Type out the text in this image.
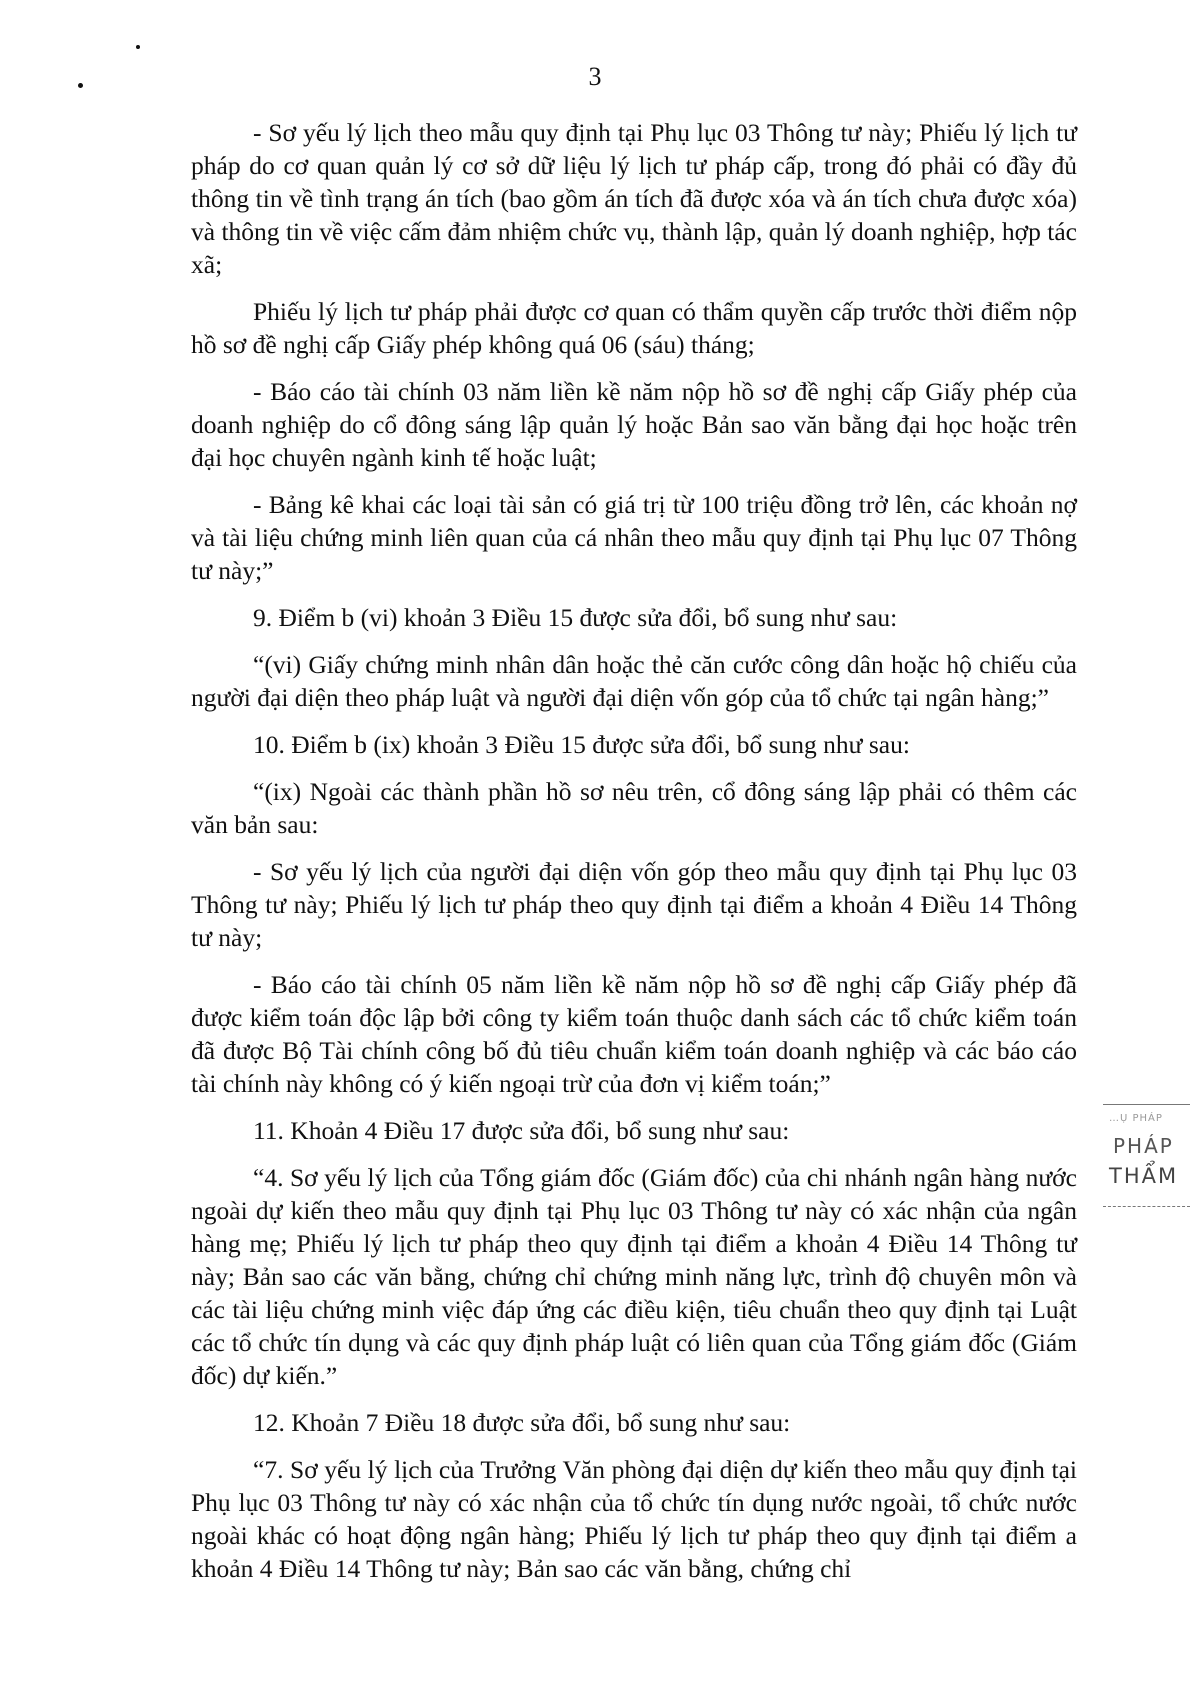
3

- Sơ yếu lý lịch theo mẫu quy định tại Phụ lục 03 Thông tư này; Phiếu lý lịch tư pháp do cơ quan quản lý cơ sở dữ liệu lý lịch tư pháp cấp, trong đó phải có đầy đủ thông tin về tình trạng án tích (bao gồm án tích đã được xóa và án tích chưa được xóa) và thông tin về việc cấm đảm nhiệm chức vụ, thành lập, quản lý doanh nghiệp, hợp tác xã;

Phiếu lý lịch tư pháp phải được cơ quan có thẩm quyền cấp trước thời điểm nộp hồ sơ đề nghị cấp Giấy phép không quá 06 (sáu) tháng;

- Báo cáo tài chính 03 năm liền kề năm nộp hồ sơ đề nghị cấp Giấy phép của doanh nghiệp do cổ đông sáng lập quản lý hoặc Bản sao văn bằng đại học hoặc trên đại học chuyên ngành kinh tế hoặc luật;

- Bảng kê khai các loại tài sản có giá trị từ 100 triệu đồng trở lên, các khoản nợ và tài liệu chứng minh liên quan của cá nhân theo mẫu quy định tại Phụ lục 07 Thông tư này;”

9. Điểm b (vi) khoản 3 Điều 15 được sửa đổi, bổ sung như sau:

“(vi) Giấy chứng minh nhân dân hoặc thẻ căn cước công dân hoặc hộ chiếu của người đại diện theo pháp luật và người đại diện vốn góp của tổ chức tại ngân hàng;”

10. Điểm b (ix) khoản 3 Điều 15 được sửa đổi, bổ sung như sau:

“(ix) Ngoài các thành phần hồ sơ nêu trên, cổ đông sáng lập phải có thêm các văn bản sau:

- Sơ yếu lý lịch của người đại diện vốn góp theo mẫu quy định tại Phụ lục 03 Thông tư này; Phiếu lý lịch tư pháp theo quy định tại điểm a khoản 4 Điều 14 Thông tư này;

- Báo cáo tài chính 05 năm liền kề năm nộp hồ sơ đề nghị cấp Giấy phép đã được kiểm toán độc lập bởi công ty kiểm toán thuộc danh sách các tổ chức kiểm toán đã được Bộ Tài chính công bố đủ tiêu chuẩn kiểm toán doanh nghiệp và các báo cáo tài chính này không có ý kiến ngoại trừ của đơn vị kiểm toán;”

11. Khoản 4 Điều 17 được sửa đổi, bổ sung như sau:

“4. Sơ yếu lý lịch của Tổng giám đốc (Giám đốc) của chi nhánh ngân hàng nước ngoài dự kiến theo mẫu quy định tại Phụ lục 03 Thông tư này có xác nhận của ngân hàng mẹ; Phiếu lý lịch tư pháp theo quy định tại điểm a khoản 4 Điều 14 Thông tư này; Bản sao các văn bằng, chứng chỉ chứng minh năng lực, trình độ chuyên môn và các tài liệu chứng minh việc đáp ứng các điều kiện, tiêu chuẩn theo quy định tại Luật các tổ chức tín dụng và các quy định pháp luật có liên quan của Tổng giám đốc (Giám đốc) dự kiến.”

12. Khoản 7 Điều 18 được sửa đổi, bổ sung như sau:

“7. Sơ yếu lý lịch của Trưởng Văn phòng đại diện dự kiến theo mẫu quy định tại Phụ lục 03 Thông tư này có xác nhận của tổ chức tín dụng nước ngoài, tổ chức nước ngoài khác có hoạt động ngân hàng; Phiếu lý lịch tư pháp theo quy định tại điểm a khoản 4 Điều 14 Thông tư này; Bản sao các văn bằng, chứng chỉ

…Ụ PHÁP
PHÁP
THẨM
